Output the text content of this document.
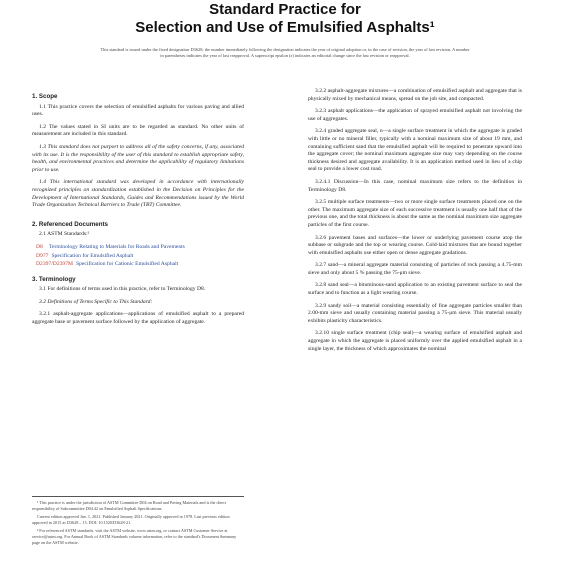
Standard Practice for
Selection and Use of Emulsified Asphalts¹
This standard is issued under the fixed designation D3628; the number immediately following the designation indicates the year of original adoption or, in the case of revision, the year of last revision. A number in parentheses indicates the year of last reapproval. A superscript epsilon (ε) indicates an editorial change since the last revision or reapproval.
1. Scope

1.1 This practice covers the selection of emulsified asphalts for various paving and allied uses.

1.2 The values stated in SI units are to be regarded as standard. No other units of measurement are included in this standard.

1.3 This standard does not purport to address all of the safety concerns, if any, associated with its use. It is the responsibility of the user of this standard to establish appropriate safety, health, and environmental practices and determine the applicability of regulatory limitations prior to use.

1.4 This international standard was developed in accordance with internationally recognized principles on standardization established in the Decision on Principles for the Development of International Standards, Guides and Recommendations issued by the World Trade Organization Technical Barriers to Trade (TBT) Committee.

2. Referenced Documents

2.1 ASTM Standards:²

D8	Terminology Relating to Materials for Roads and Pavements
D977 Specification for Emulsified Asphalt
D2397/D2397M Specification for Cationic Emulsified Asphalt
3. Terminology

3.1 For definitions of terms used in this practice, refer to Terminology D8.

3.2 Definitions of Terms Specific to This Standard:

3.2.1 asphalt-aggregate applications—applications of emulsified asphalt to a prepared aggregate base or pavement surface followed by the application of aggregate.

3.2.2 asphalt-aggregate mixtures—a combination of emulsified asphalt and aggregate that is physically mixed by mechanical means, spread on the job site, and compacted.

3.2.3 asphalt applications—the application of sprayed emulsified asphalt not involving the use of aggregates.

3.2.4 graded aggregate seal, n—a single surface treatment in which the aggregate is graded with little or no mineral filler, typically with a nominal maximum size of about 19 mm, and containing sufficient sand that the emulsified asphalt will be required to penetrate upward into the aggregate cover; the nominal maximum aggregate size may vary depending on the course thickness desired and aggregate availability. It is an application method used in lieu of a chip seal to provide a lower cost road.

3.2.4.1 Discussion—In this case, nominal maximum size refers to the definition in Terminology D8.

3.2.5 multiple surface treatments—two or more single surface treatments placed one on the other. The maximum aggregate size of each successive treatment is usually one half that of the previous one, and the total thickness is about the same as the nominal maximum size aggregate particles of the first course.

3.2.6 pavement bases and surfaces—the lower or underlying pavement course atop the subbase or subgrade and the top or wearing course. Cold-laid mixtures that are bound together with emulsified asphalts use either open or dense aggregate gradations.

3.2.7 sand—a mineral aggregate material consisting of particles of rock passing a 4.75-mm sieve and only about 5 % passing the 75-μm sieve.

3.2.8 sand seal—a bituminous-sand application to an existing pavement surface to seal the surface and to function as a light wearing course.

3.2.9 sandy soil—a material consisting essentially of fine aggregate particles smaller than 2.00-mm sieve and usually containing material passing a 75-μm sieve. This material usually exhibits plasticity characteristics.

3.2.10 single surface treatment (chip seal)—a wearing surface of emulsified asphalt and aggregate in which the aggregate is placed uniformly over the applied emulsified asphalt in a single layer, the thickness of which approximates the nominal

¹ This practice is under the jurisdiction of ASTM Committee D04 on Road and Paving Materials and is the direct responsibility of Subcommittee D04.42 on Emulsified Asphalt Specifications.

Current edition approved Jan. 1, 2021. Published January 2021. Originally approved in 1978. Last previous edition approved in 2015 as D3628 – 15. DOI: 10.1520/D3628-21.

² For referenced ASTM standards, visit the ASTM website, www.astm.org, or contact ASTM Customer Service at service@astm.org. For Annual Book of ASTM Standards volume information, refer to the standard's Document Summary page on the ASTM website.
